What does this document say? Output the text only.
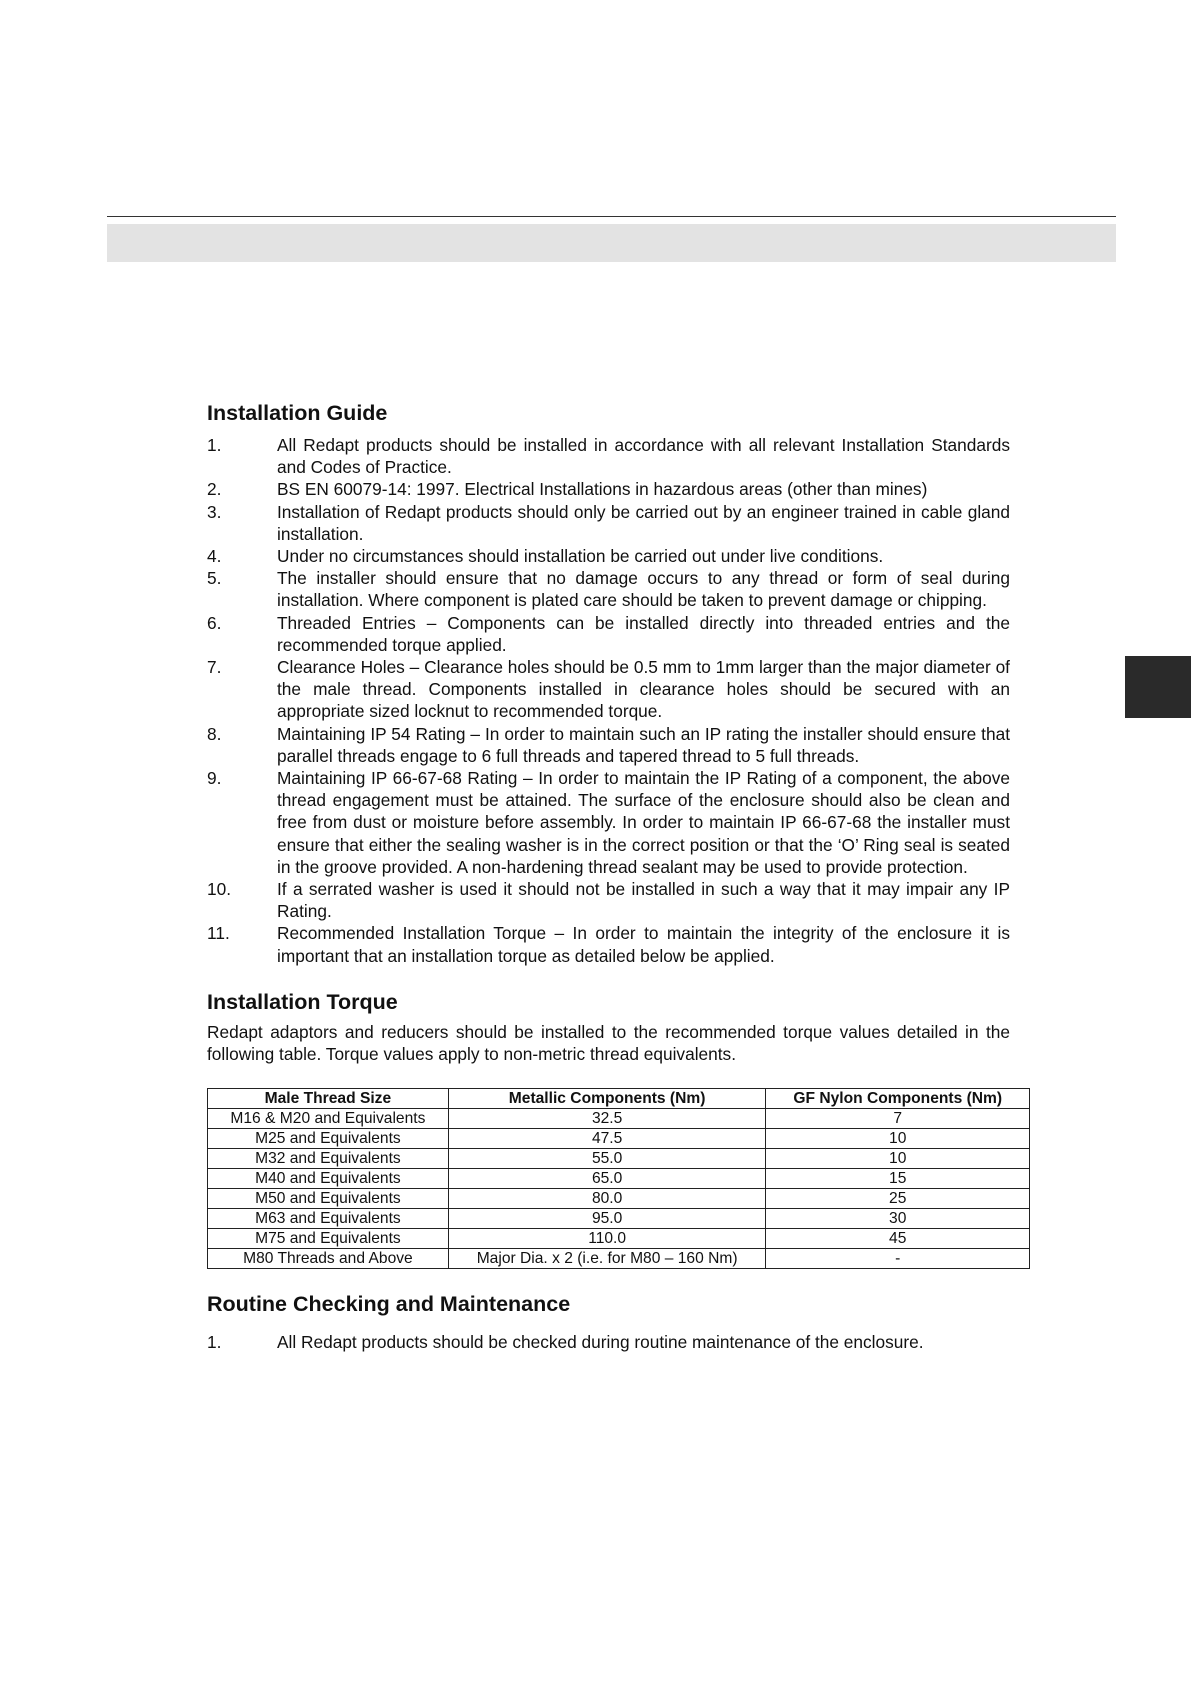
Installation Guide
1.	All Redapt products should be installed in accordance with all relevant Installation Standards and Codes of Practice.
2.	BS EN 60079-14: 1997. Electrical Installations in hazardous areas (other than mines)
3.	Installation of Redapt products should only be carried out by an engineer trained in cable gland installation.
4.	Under no circumstances should installation be carried out under live conditions.
5.	The installer should ensure that no damage occurs to any thread or form of seal during installation. Where component is plated care should be taken to prevent damage or chipping.
6.	Threaded Entries – Components can be installed directly into threaded entries and the recommended torque applied.
7.	Clearance Holes – Clearance holes should be 0.5 mm to 1mm larger than the major diameter of the male thread. Components installed in clearance holes should be secured with an appropriate sized locknut to recommended torque.
8.	Maintaining IP 54 Rating – In order to maintain such an IP rating the installer should ensure that parallel threads engage to 6 full threads and tapered thread to 5 full threads.
9.	Maintaining IP 66-67-68 Rating – In order to maintain the IP Rating of a component, the above thread engagement must be attained. The surface of the enclosure should also be clean and free from dust or moisture before assembly. In order to maintain IP 66-67-68 the installer must ensure that either the sealing washer is in the correct position or that the ‘O’ Ring seal is seated in the groove provided. A non-hardening thread sealant may be used to provide protection.
10.	If a serrated washer is used it should not be installed in such a way that it may impair any IP Rating.
11.	Recommended Installation Torque – In order to maintain the integrity of the enclosure it is important that an installation torque as detailed below be applied.
Installation Torque

Redapt adaptors and reducers should be installed to the recommended torque values detailed in the following table. Torque values apply to non-metric thread equivalents.

Male Thread Size	Metallic Components (Nm)	GF Nylon Components (Nm)
M16 & M20 and Equivalents	32.5	7
M25 and Equivalents	47.5	10
M32 and Equivalents	55.0	10
M40 and Equivalents	65.0	15
M50 and Equivalents	80.0	25
M63 and Equivalents	95.0	30
M75 and Equivalents	110.0	45
M80 Threads and Above	Major Dia. x 2 (i.e. for M80 – 160 Nm)	-
Routine Checking and Maintenance
1.	All Redapt products should be checked during routine maintenance of the enclosure.
